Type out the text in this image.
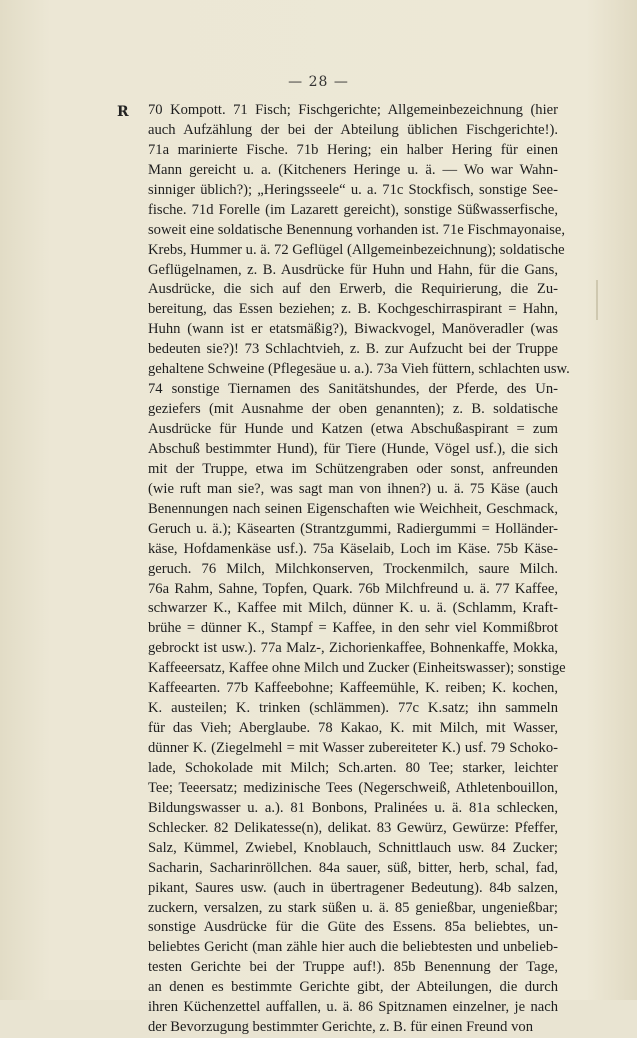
— 28 —
R 70 Kompott. 71 Fisch; Fischgerichte; Allgemeinbezeichnung (hier
auch Aufzählung der bei der Abteilung üblichen Fischgerichte!).
71a marinierte Fische. 71b Hering; ein halber Hering für einen
Mann gereicht u. a. (Kitcheners Heringe u. ä. — Wo war Wahn-
sinniger üblich?); „Heringsseele“ u. a. 71c Stockfisch, sonstige See-
fische. 71d Forelle (im Lazarett gereicht), sonstige Süßwasserfische,
soweit eine soldatische Benennung vorhanden ist. 71e Fischmayonaise,
Krebs, Hummer u. ä. 72 Geflügel (Allgemeinbezeichnung); soldatische
Geflügelnamen, z. B. Ausdrücke für Huhn und Hahn, für die Gans,
Ausdrücke, die sich auf den Erwerb, die Requirierung, die Zu-
bereitung, das Essen beziehen; z. B. Kochgeschirraspirant = Hahn,
Huhn (wann ist er etatsmäßig?), Biwackvogel, Manöveradler (was
bedeuten sie?)! 73 Schlachtvieh, z. B. zur Aufzucht bei der Truppe
gehaltene Schweine (Pflegesäue u. a.). 73a Vieh füttern, schlachten usw.
74 sonstige Tiernamen des Sanitätshundes, der Pferde, des Un-
geziefers (mit Ausnahme der oben genannten); z. B. soldatische
Ausdrücke für Hunde und Katzen (etwa Abschußaspirant = zum
Abschuß bestimmter Hund), für Tiere (Hunde, Vögel usf.), die sich
mit der Truppe, etwa im Schützengraben oder sonst, anfreunden
(wie ruft man sie?, was sagt man von ihnen?) u. ä. 75 Käse (auch
Benennungen nach seinen Eigenschaften wie Weichheit, Geschmack,
Geruch u. ä.); Käsearten (Strantzgummi, Radiergummi = Holländer-
käse, Hofdamenkäse usf.). 75a Käselaib, Loch im Käse. 75b Käse-
geruch. 76 Milch, Milchkonserven, Trockenmilch, saure Milch.
76a Rahm, Sahne, Topfen, Quark. 76b Milchfreund u. ä. 77 Kaffee,
schwarzer K., Kaffee mit Milch, dünner K. u. ä. (Schlamm, Kraft-
brühe = dünner K., Stampf = Kaffee, in den sehr viel Kommißbrot
gebrockt ist usw.). 77a Malz-, Zichorienkaffee, Bohnenkaffe, Mokka,
Kaffeeersatz, Kaffee ohne Milch und Zucker (Einheitswasser); sonstige
Kaffeearten. 77b Kaffeebohne; Kaffeemühle, K. reiben; K. kochen,
K. austeilen; K. trinken (schlämmen). 77c K.satz; ihn sammeln
für das Vieh; Aberglaube. 78 Kakao, K. mit Milch, mit Wasser,
dünner K. (Ziegelmehl = mit Wasser zubereiteter K.) usf. 79 Schoko-
lade, Schokolade mit Milch; Sch.arten. 80 Tee; starker, leichter
Tee; Teeersatz; medizinische Tees (Negerschweiß, Athletenbouillon,
Bildungswasser u. a.). 81 Bonbons, Pralinées u. ä. 81a schlecken,
Schlecker. 82 Delikatesse(n), delikat. 83 Gewürz, Gewürze: Pfeffer,
Salz, Kümmel, Zwiebel, Knoblauch, Schnittlauch usw. 84 Zucker;
Sacharin, Sacharinröllchen. 84a sauer, süß, bitter, herb, schal, fad,
pikant, Saures usw. (auch in übertragener Bedeutung). 84b salzen,
zuckern, versalzen, zu stark süßen u. ä. 85 genießbar, ungenießbar;
sonstige Ausdrücke für die Güte des Essens. 85a beliebtes, un-
beliebtes Gericht (man zähle hier auch die beliebtesten und unbelieb-
testen Gerichte bei der Truppe auf!). 85b Benennung der Tage,
an denen es bestimmte Gerichte gibt, der Abteilungen, die durch
ihren Küchenzettel auffallen, u. ä. 86 Spitznamen einzelner, je nach
der Bevorzugung bestimmter Gerichte, z. B. für einen Freund von
